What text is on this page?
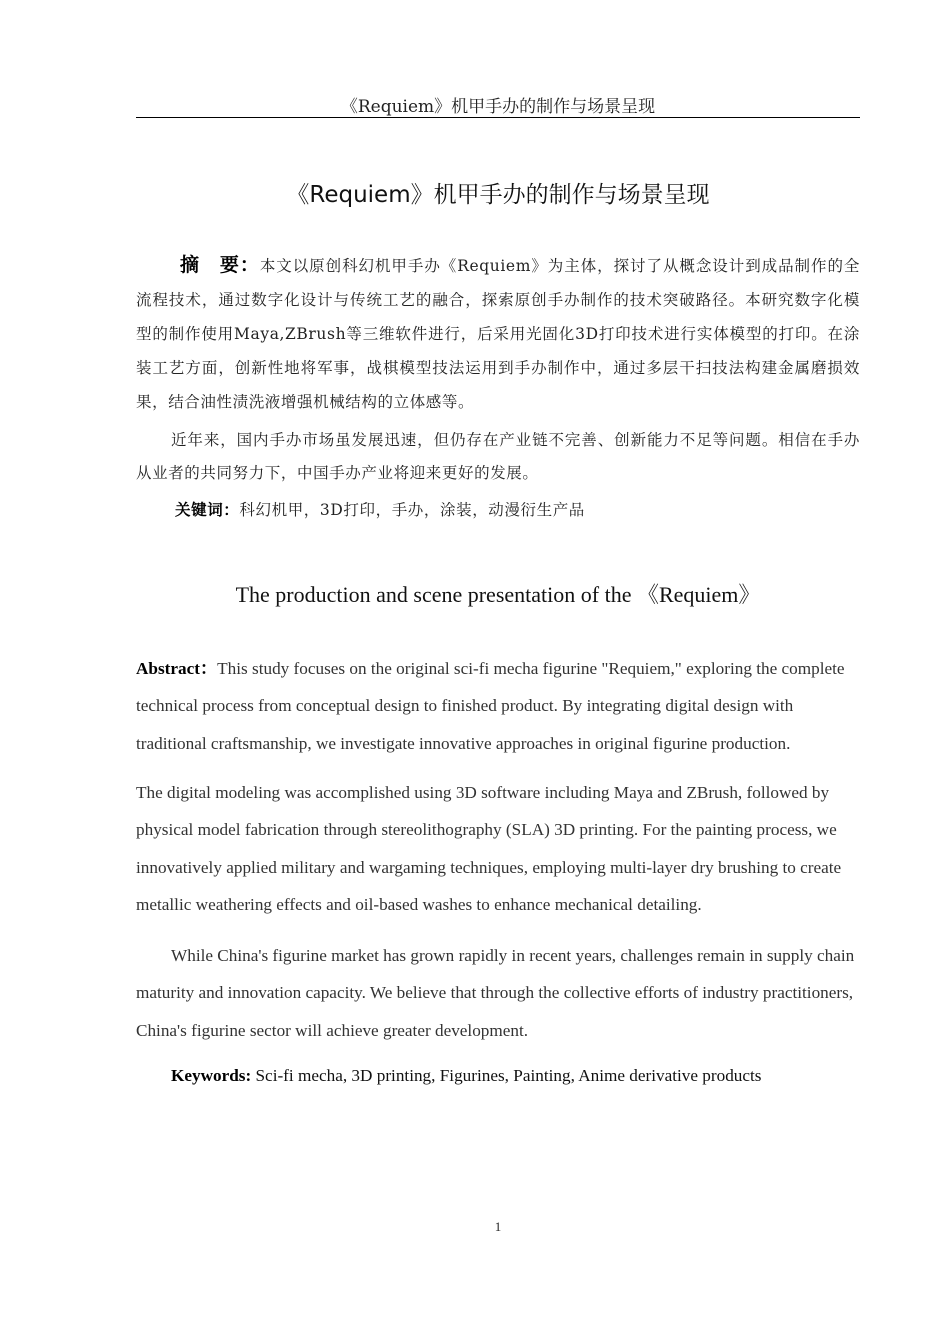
《Requiem》机甲手办的制作与场景呈现
《Requiem》机甲手办的制作与场景呈现
摘　要：本文以原创科幻机甲手办《Requiem》为主体，探讨了从概念设计到成品制作的全流程技术，通过数字化设计与传统工艺的融合，探索原创手办制作的技术突破路径。本研究数字化模型的制作使用Maya,ZBrush等三维软件进行，后采用光固化3D打印技术进行实体模型的打印。在涂装工艺方面，创新性地将军事，战棋模型技法运用到手办制作中，通过多层干扫技法构建金属磨损效果，结合油性渍洗液增强机械结构的立体感等。
近年来，国内手办市场虽发展迅速，但仍存在产业链不完善、创新能力不足等问题。相信在手办从业者的共同努力下，中国手办产业将迎来更好的发展。
关键词：科幻机甲，3D打印，手办，涂装，动漫衍生产品
The production and scene presentation of the 《Requiem》
Abstract：This study focuses on the original sci-fi mecha figurine "Requiem," exploring the complete technical process from conceptual design to finished product. By integrating digital design with traditional craftsmanship, we investigate innovative approaches in original figurine production.
The digital modeling was accomplished using 3D software including Maya and ZBrush, followed by physical model fabrication through stereolithography (SLA) 3D printing. For the painting process, we innovatively applied military and wargaming techniques, employing multi-layer dry brushing to create metallic weathering effects and oil-based washes to enhance mechanical detailing.
While China's figurine market has grown rapidly in recent years, challenges remain in supply chain maturity and innovation capacity. We believe that through the collective efforts of industry practitioners, China's figurine sector will achieve greater development.
Keywords: Sci-fi mecha, 3D printing, Figurines, Painting, Anime derivative products
1
